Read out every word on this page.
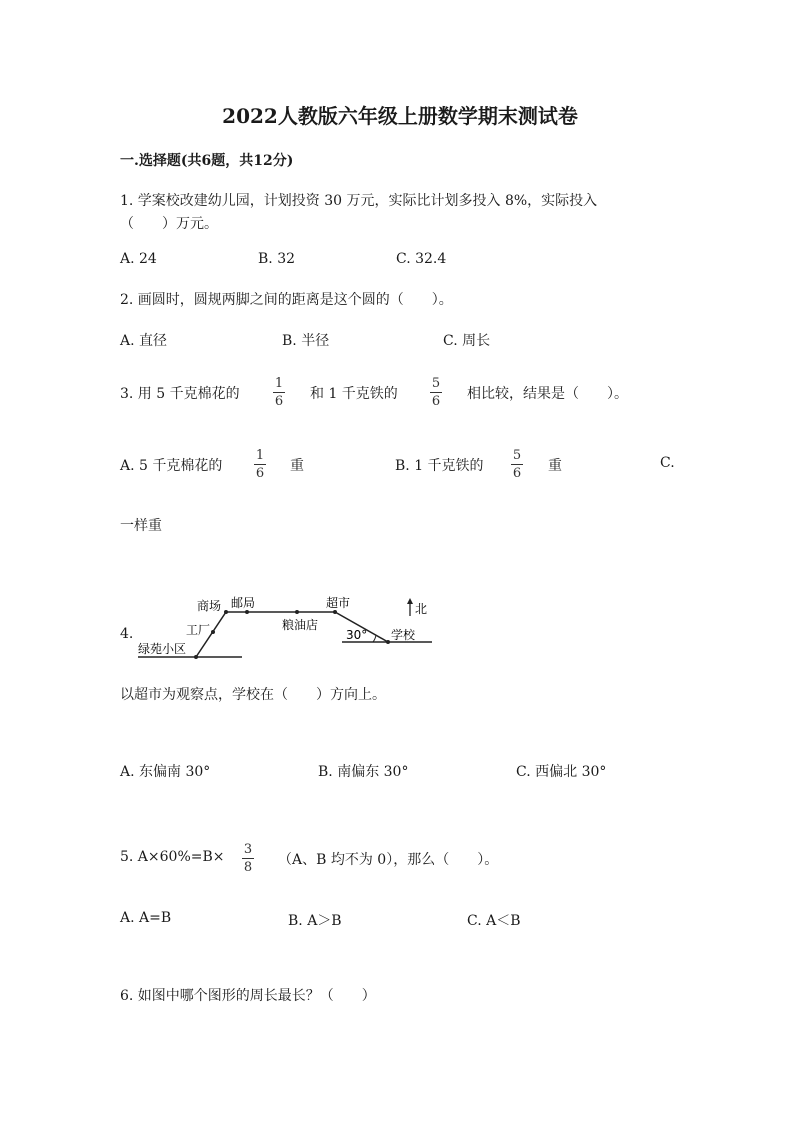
2022人教版六年级上册数学期末测试卷
一.选择题(共6题，共12分)
1. 学案校改建幼儿园，计划投资 30 万元，实际比计划多投入 8%，实际投入
（　　）万元。
A. 24	B. 32	C. 32.4
2. 画圆时，圆规两脚之间的距离是这个圆的（　　）。
A. 直径	B. 半径	C. 周长
3. 用 5 千克棉花的
1
6 和 1 千克铁的
5
6 相比较，结果是（　　）。
A. 5 千克棉花的
1
6 重	B. 1 千克铁的
5
6 重	C.
一样重
4.
北
商场 邮局	超市
工厂	粮油店
30° 学校
绿苑小区
以超市为观察点，学校在（　　）方向上。
A. 东偏南 30°	B. 南偏东 30°	C. 西偏北 30°
5. A×60%=B× 3
8 （A、B 均不为 0），那么（　　）。
A. A=B	B. A＞B	C. A＜B
6. 如图中哪个图形的周长最长？（　　）
